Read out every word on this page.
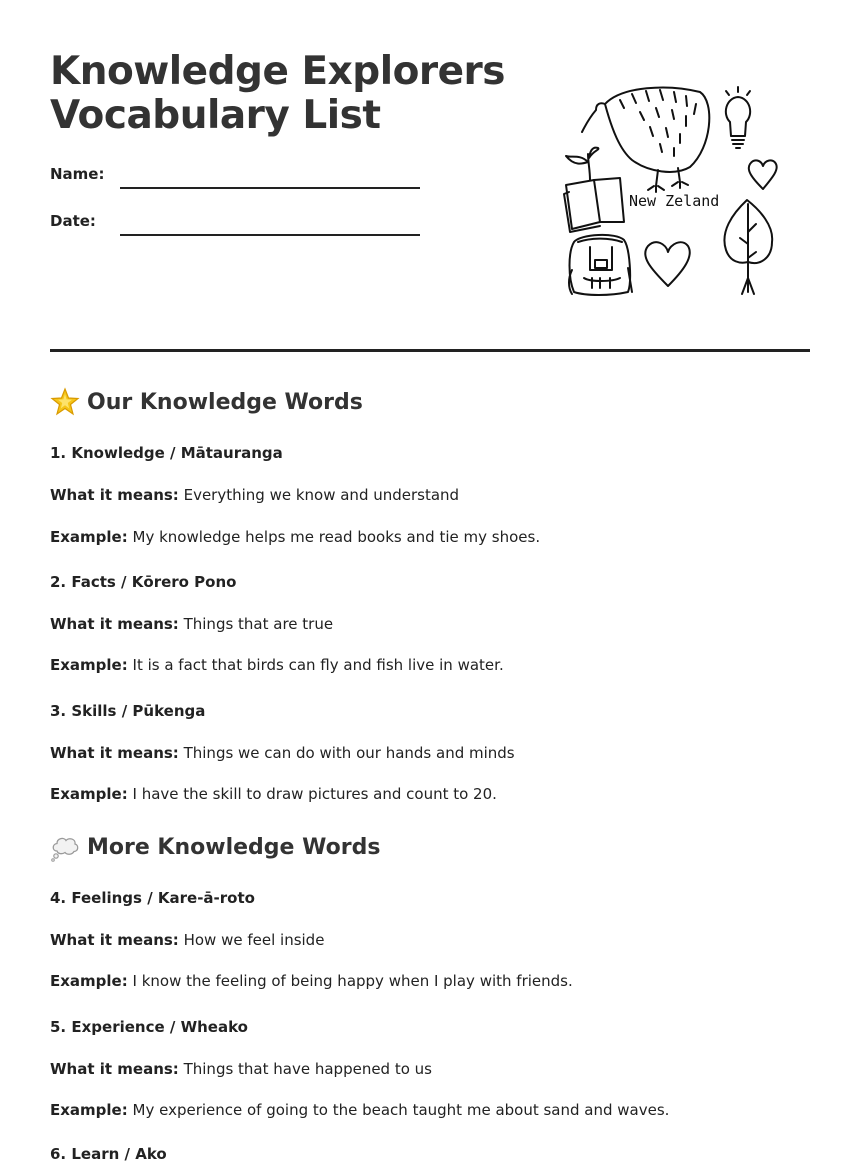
Knowledge Explorers
Vocabulary List
Name:
Date:
New Zeland
Our Knowledge Words

1. Knowledge / Mātauranga

What it means: Everything we know and understand

Example: My knowledge helps me read books and tie my shoes.

2. Facts / Kōrero Pono

What it means: Things that are true

Example: It is a fact that birds can fly and fish live in water.

3. Skills / Pūkenga

What it means: Things we can do with our hands and minds

Example: I have the skill to draw pictures and count to 20.

More Knowledge Words

4. Feelings / Kare-ā-roto

What it means: How we feel inside

Example: I know the feeling of being happy when I play with friends.

5. Experience / Wheako

What it means: Things that have happened to us

Example: My experience of going to the beach taught me about sand and waves.

6. Learn / Ako
